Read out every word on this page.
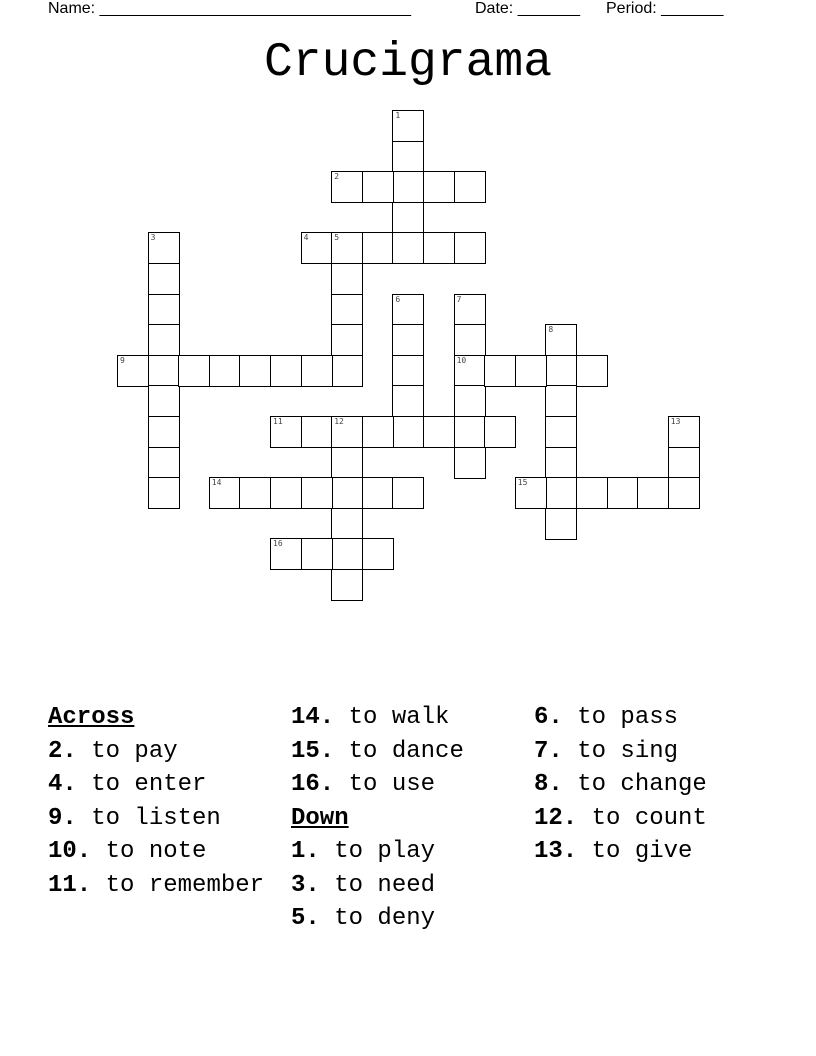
Name: ___________________________________	Date: _______ Period: _______
Crucigrama
1
2
3	4	5
6	7
10
8
9
11	12	13
14	15
16
Across
2. to pay
4. to enter
9. to listen
10. to note
11. to remember
14. to walk
15. to dance
16. to use
Down
1. to play
3. to need
5. to deny
6. to pass
7. to sing
8. to change
12. to count
13. to give
